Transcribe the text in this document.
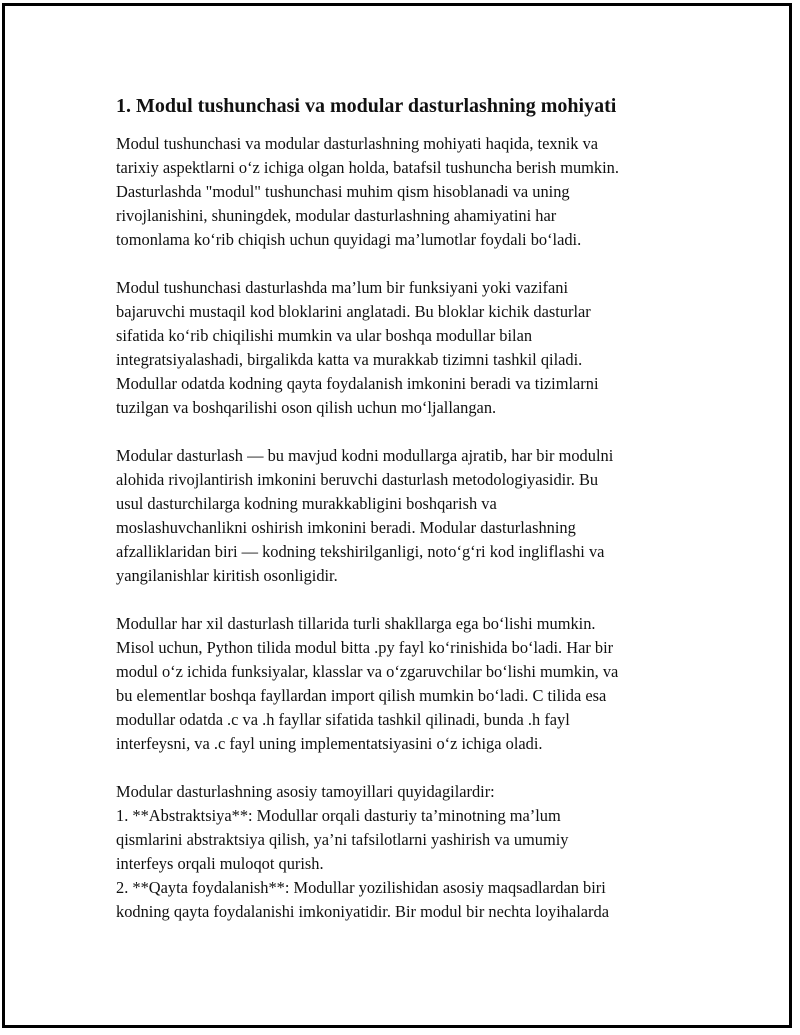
1. Modul tushunchasi va modular dasturlashning mohiyati

Modul tushunchasi va modular dasturlashning mohiyati haqida, texnik va
tarixiy aspektlarni o‘z ichiga olgan holda, batafsil tushuncha berish mumkin.
Dasturlashda "modul" tushunchasi muhim qism hisoblanadi va uning
rivojlanishini, shuningdek, modular dasturlashning ahamiyatini har
tomonlama ko‘rib chiqish uchun quyidagi ma’lumotlar foydali bo‘ladi.

Modul tushunchasi dasturlashda ma’lum bir funksiyani yoki vazifani
bajaruvchi mustaqil kod bloklarini anglatadi. Bu bloklar kichik dasturlar
sifatida ko‘rib chiqilishi mumkin va ular boshqa modullar bilan
integratsiyalashadi, birgalikda katta va murakkab tizimni tashkil qiladi.
Modullar odatda kodning qayta foydalanish imkonini beradi va tizimlarni
tuzilgan va boshqarilishi oson qilish uchun mo‘ljallangan.

Modular dasturlash — bu mavjud kodni modullarga ajratib, har bir modulni
alohida rivojlantirish imkonini beruvchi dasturlash metodologiyasidir. Bu
usul dasturchilarga kodning murakkabligini boshqarish va
moslashuvchanlikni oshirish imkonini beradi. Modular dasturlashning
afzalliklaridan biri — kodning tekshirilganligi, noto‘g‘ri kod ingliflashi va
yangilanishlar kiritish osonligidir.

Modullar har xil dasturlash tillarida turli shakllarga ega bo‘lishi mumkin.
Misol uchun, Python tilida modul bitta .py fayl ko‘rinishida bo‘ladi. Har bir
modul o‘z ichida funksiyalar, klasslar va o‘zgaruvchilar bo‘lishi mumkin, va
bu elementlar boshqa fayllardan import qilish mumkin bo‘ladi. C tilida esa
modullar odatda .c va .h fayllar sifatida tashkil qilinadi, bunda .h fayl
interfeysni, va .c fayl uning implementatsiyasini o‘z ichiga oladi.

Modular dasturlashning asosiy tamoyillari quyidagilardir:
1. **Abstraktsiya**: Modullar orqali dasturiy ta’minotning ma’lum
qismlarini abstraktsiya qilish, ya’ni tafsilotlarni yashirish va umumiy
interfeys orqali muloqot qurish.
2. **Qayta foydalanish**: Modullar yozilishidan asosiy maqsadlardan biri
kodning qayta foydalanishi imkoniyatidir. Bir modul bir nechta loyihalarda
